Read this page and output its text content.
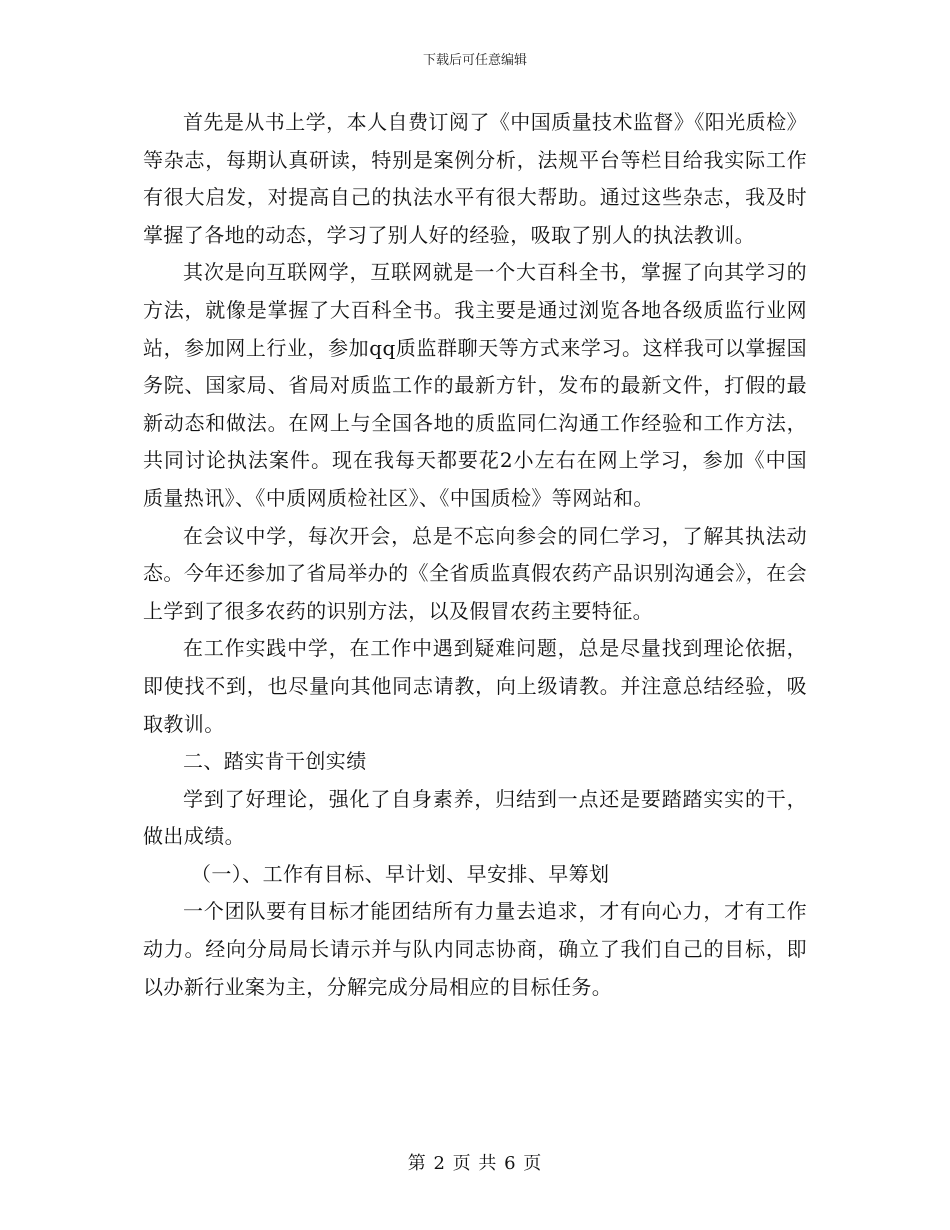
下载后可任意编辑

首先是从书上学，本人自费订阅了《中国质量技术监督》《阳光质检》等杂志，每期认真研读，特别是案例分析，法规平台等栏目给我实际工作有很大启发，对提高自己的执法水平有很大帮助。通过这些杂志，我及时掌握了各地的动态，学习了别人好的经验，吸取了别人的执法教训。

其次是向互联网学，互联网就是一个大百科全书，掌握了向其学习的方法，就像是掌握了大百科全书。我主要是通过浏览各地各级质监行业网站，参加网上行业，参加qq质监群聊天等方式来学习。这样我可以掌握国务院、国家局、省局对质监工作的最新方针，发布的最新文件，打假的最新动态和做法。在网上与全国各地的质监同仁沟通工作经验和工作方法，共同讨论执法案件。现在我每天都要花2小左右在网上学习，参加《中国质量热讯》、《中质网质检社区》、《中国质检》等网站和。

在会议中学，每次开会，总是不忘向参会的同仁学习，了解其执法动态。今年还参加了省局举办的《全省质监真假农药产品识别沟通会》，在会上学到了很多农药的识别方法，以及假冒农药主要特征。

在工作实践中学，在工作中遇到疑难问题，总是尽量找到理论依据，即使找不到，也尽量向其他同志请教，向上级请教。并注意总结经验，吸取教训。

二、踏实肯干创实绩

学到了好理论，强化了自身素养，归结到一点还是要踏踏实实的干，做出成绩。

（一）、工作有目标、早计划、早安排、早筹划

一个团队要有目标才能团结所有力量去追求，才有向心力，才有工作动力。经向分局局长请示并与队内同志协商，确立了我们自己的目标，即以办新行业案为主，分解完成分局相应的目标任务。

第 2 页 共 6 页
